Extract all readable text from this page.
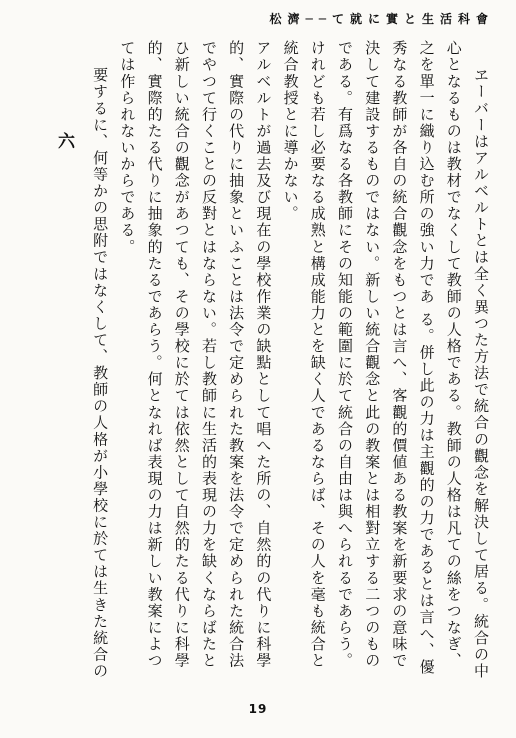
會科活生と實に就て──濟松

ヱーバーはアルベルトとは全く異つた方法で統合の觀念を解決して居る。統合の中心となるものは教材でなくして教師の人格である。教師の人格は凡ての絲をつなぎ、之を單一に織り込む所の強い力であ る。併し此の力は主觀的の力であるとは言へ、優秀なる教師が各自の統合觀念をもつとは言へ、客觀的價値ある教案を新要求の意味で決して建設するものではない。新しい統合觀念と此の教案とは相對立する二つのものである。有爲なる各教師にその知能の範圍に於て統合の自由は與へられるであらう。けれども若し必要なる成熟と構成能力とを缺く人であるならば、その人を毫も統合と統合教授とに導かない。

アルベルトが過去及び現在の學校作業の缺點として唱へた所の、自然的の代りに科學的、實際の代りに抽象といふことは法令で定められた教案を法令で定められた統合法でやつて行くことの反對とはならない。若し教師に生活的表現の力を缺くならばたとひ新しい統合の觀念があつても、その學校に於ては依然として自然的たる代りに科學的、實際的たる代りに抽象的たるであらう。何となれば表現の力は新しい教案によつては作られないからである。

要するに、何等かの思附ではなくして、教師の人格が小學校に於ては生きた統合の

六
19
